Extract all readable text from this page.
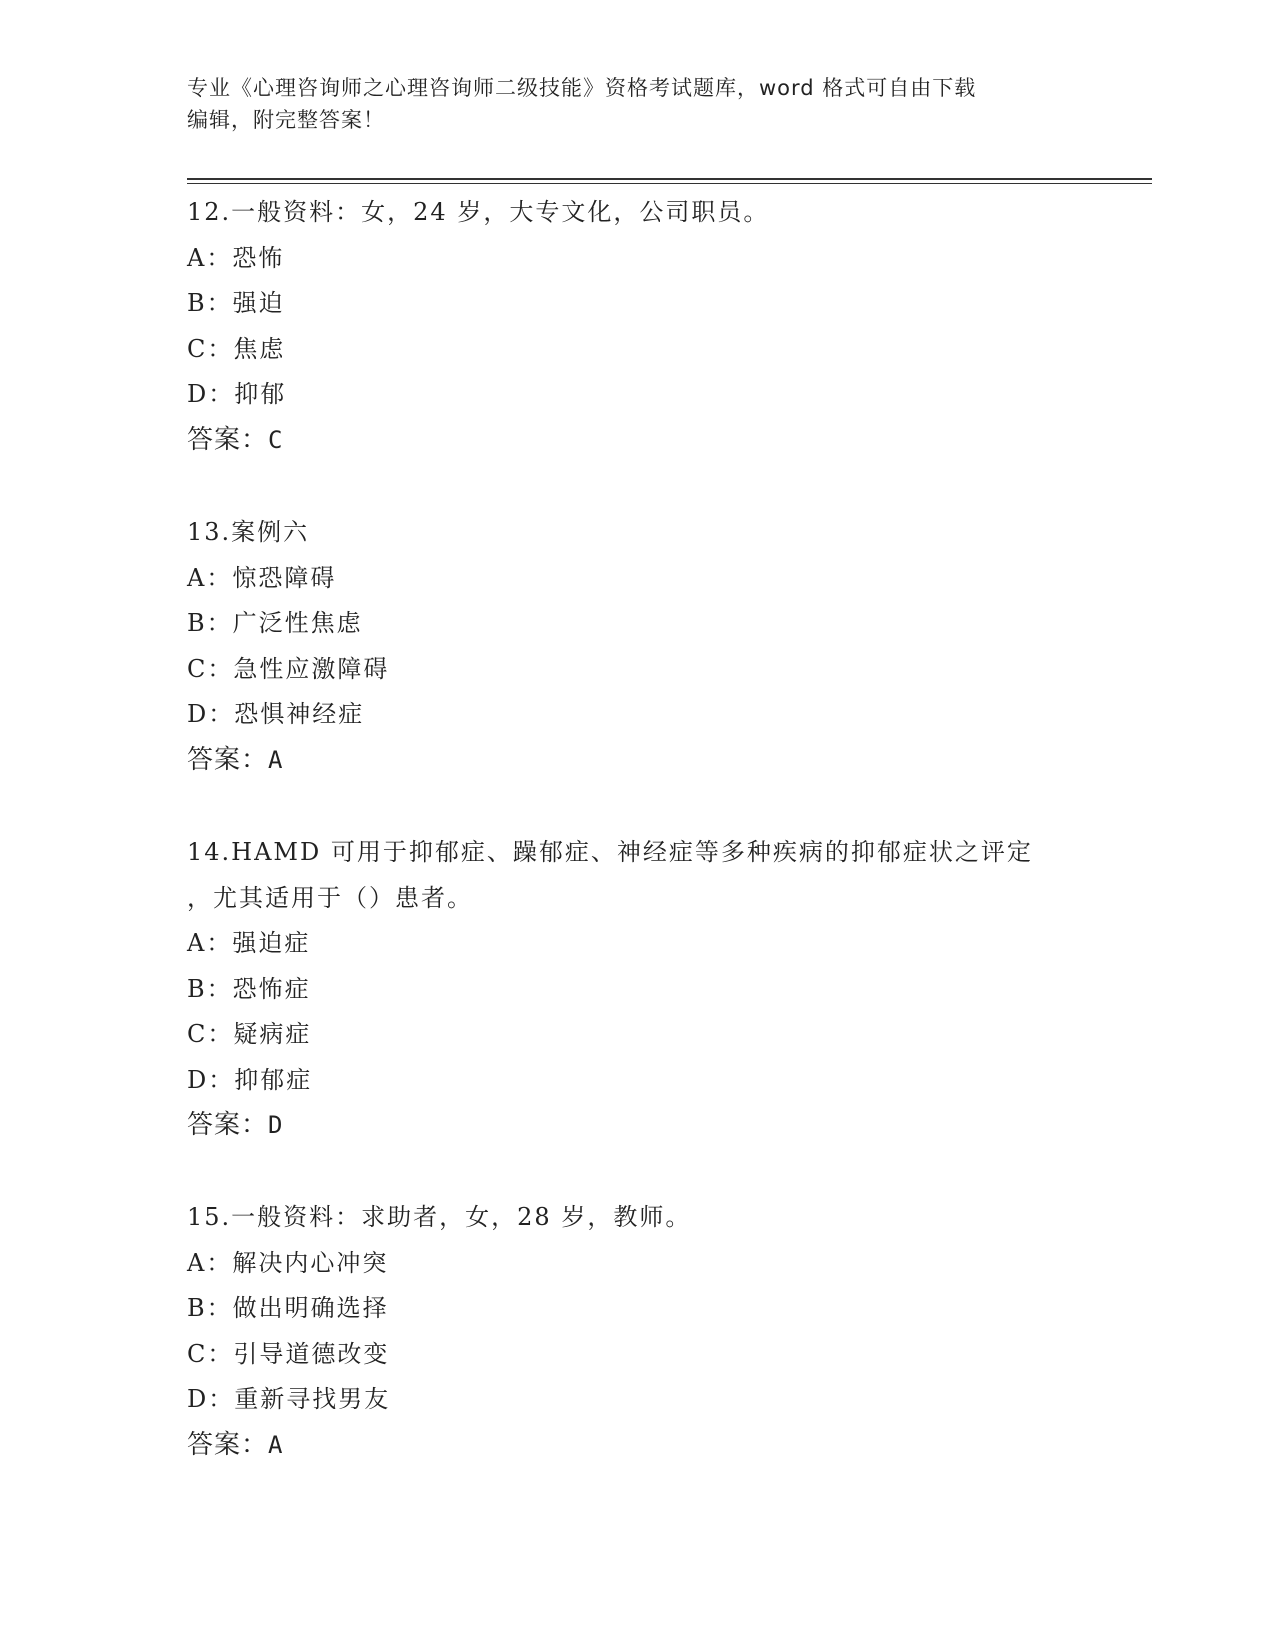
专业《心理咨询师之心理咨询师二级技能》资格考试题库，word 格式可自由下载
编辑，附完整答案！
12.一般资料：女，24 岁，大专文化，公司职员。
A：恐怖
B：强迫
C：焦虑
D：抑郁
答案：C
13.案例六
A：惊恐障碍
B：广泛性焦虑
C：急性应激障碍
D：恐惧神经症
答案：A
14.HAMD 可用于抑郁症、躁郁症、神经症等多种疾病的抑郁症状之评定
，尤其适用于（）患者。
A：强迫症
B：恐怖症
C：疑病症
D：抑郁症
答案：D
15.一般资料：求助者，女，28 岁，教师。
A：解决内心冲突
B：做出明确选择
C：引导道德改变
D：重新寻找男友
答案：A
